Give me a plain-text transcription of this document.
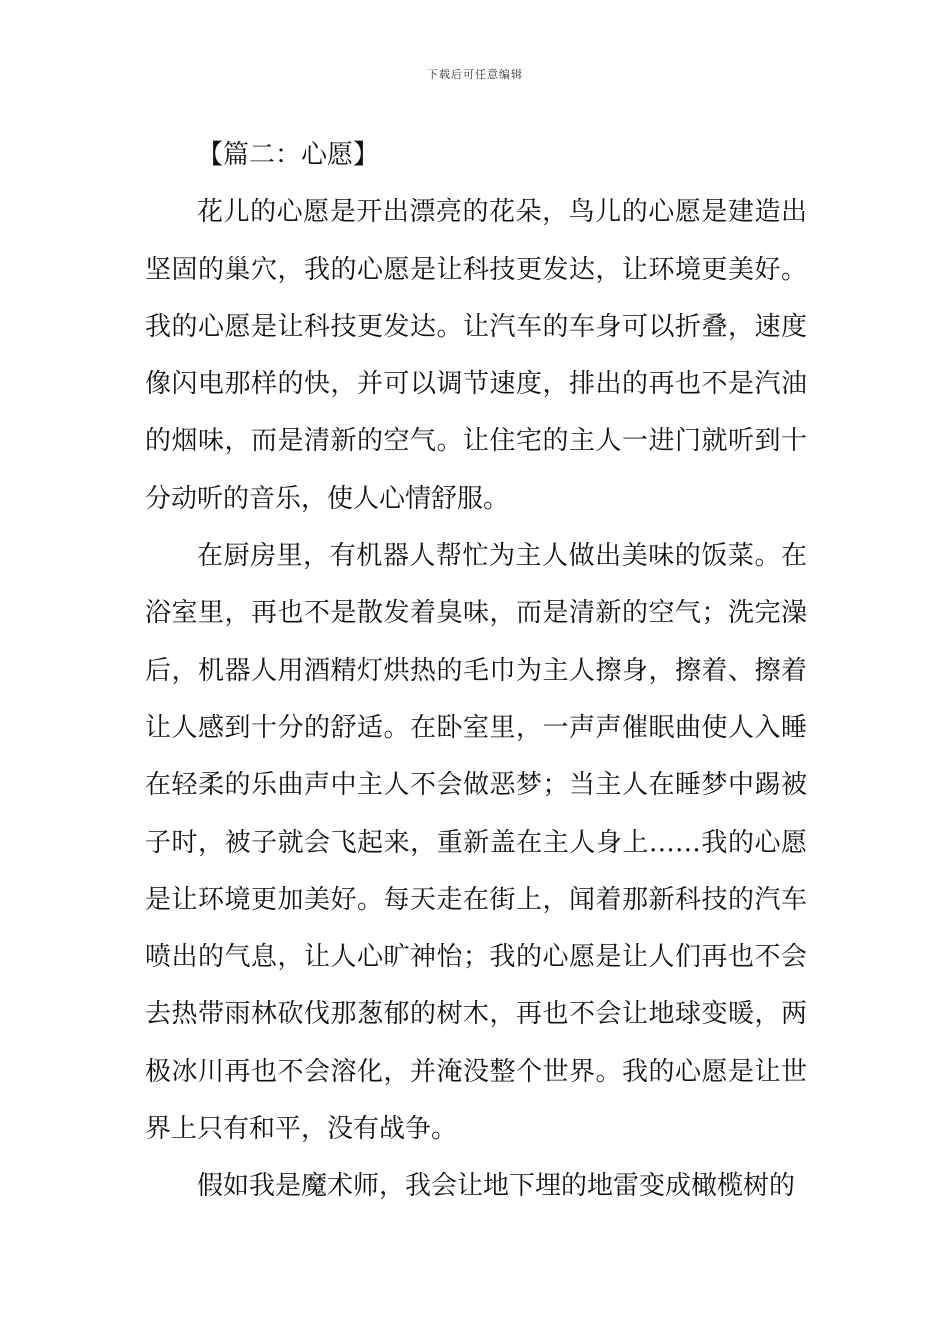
下载后可任意编辑

【篇二：心愿】

花儿的心愿是开出漂亮的花朵，鸟儿的心愿是建造出坚固的巢穴，我的心愿是让科技更发达，让环境更美好。我的心愿是让科技更发达。让汽车的车身可以折叠，速度像闪电那样的快，并可以调节速度，排出的再也不是汽油的烟味，而是清新的空气。让住宅的主人一进门就听到十分动听的音乐，使人心情舒服。

在厨房里，有机器人帮忙为主人做出美味的饭菜。在浴室里，再也不是散发着臭味，而是清新的空气；洗完澡后，机器人用酒精灯烘热的毛巾为主人擦身，擦着、擦着让人感到十分的舒适。在卧室里，一声声催眠曲使人入睡在轻柔的乐曲声中主人不会做恶梦；当主人在睡梦中踢被子时，被子就会飞起来，重新盖在主人身上……我的心愿是让环境更加美好。每天走在街上，闻着那新科技的汽车喷出的气息，让人心旷神怡；我的心愿是让人们再也不会去热带雨林砍伐那葱郁的树木，再也不会让地球变暖，两极冰川再也不会溶化，并淹没整个世界。我的心愿是让世界上只有和平，没有战争。

假如我是魔术师，我会让地下埋的地雷变成橄榄树的
